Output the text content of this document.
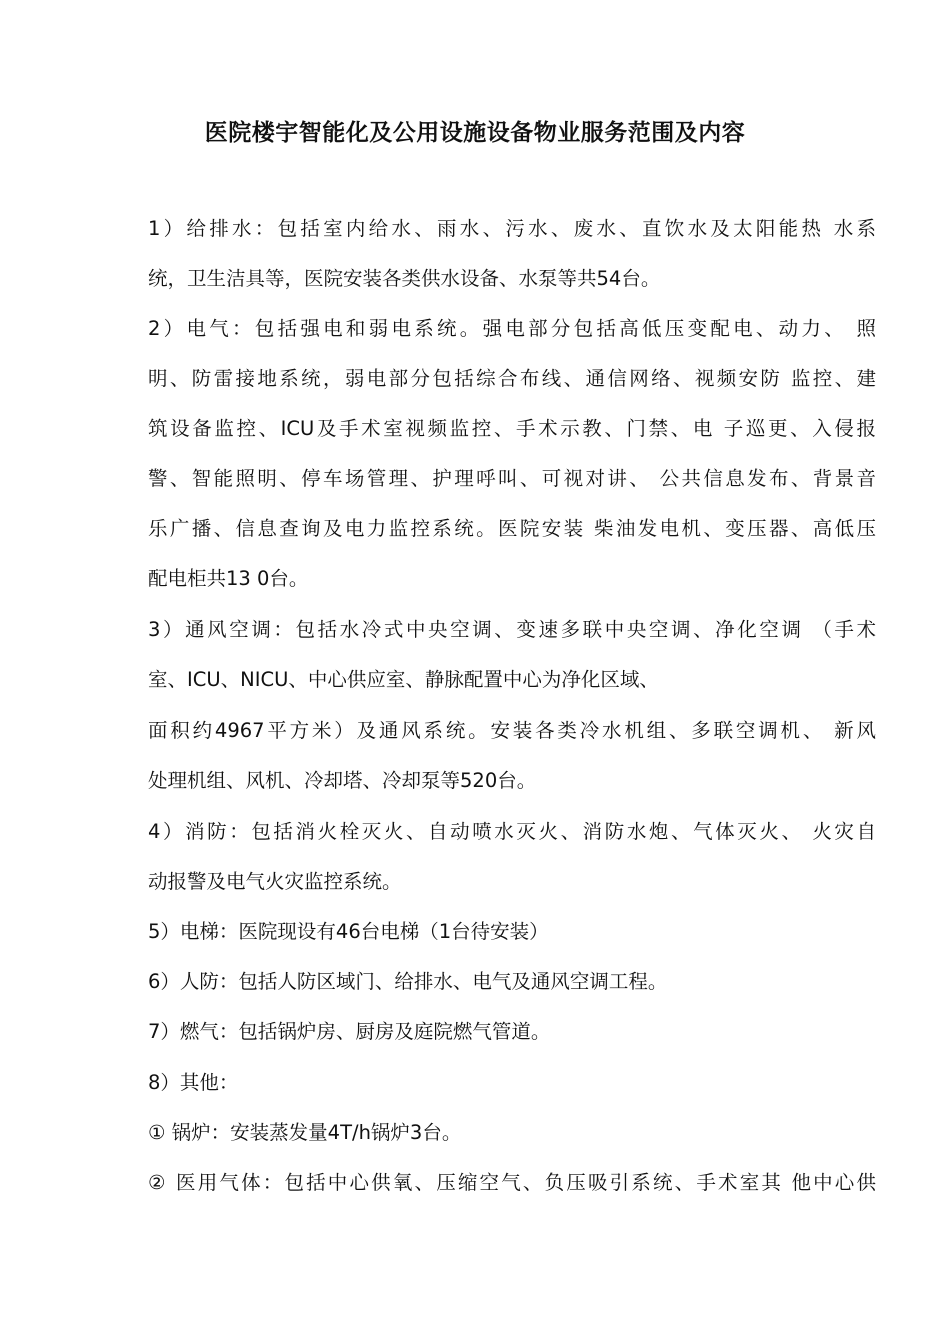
医院楼宇智能化及公用设施设备物业服务范围及内容

1）给排水：包括室内给水、雨水、污水、废水、直饮水及太阳能热 水系

统，卫生洁具等，医院安装各类供水设备、水泵等共54台。

2）电气：包括强电和弱电系统。强电部分包括高低压变配电、动力、 照

明、防雷接地系统，弱电部分包括综合布线、通信网络、视频安防 监控、建

筑设备监控、ICU及手术室视频监控、手术示教、门禁、电 子巡更、入侵报

警、智能照明、停车场管理、护理呼叫、可视对讲、 公共信息发布、背景音

乐广播、信息查询及电力监控系统。医院安装 柴油发电机、变压器、高低压

配电柜共13 0台。

3）通风空调：包括水冷式中央空调、变速多联中央空调、净化空调 （手术

室、ICU、NICU、中心供应室、静脉配置中心为净化区域、

面积约4967平方米）及通风系统。安装各类冷水机组、多联空调机、 新风

处理机组、风机、冷却塔、冷却泵等520台。

4）消防：包括消火栓灭火、自动喷水灭火、消防水炮、气体灭火、 火灾自

动报警及电气火灾监控系统。

5）电梯：医院现设有46台电梯（1台待安装）

6）人防：包括人防区域门、给排水、电气及通风空调工程。

7）燃气：包括锅炉房、厨房及庭院燃气管道。

8）其他：

① 锅炉：安装蒸发量4T/h锅炉3台。

② 医用气体：包括中心供氧、压缩空气、负压吸引系统、手术室其 他中心供
